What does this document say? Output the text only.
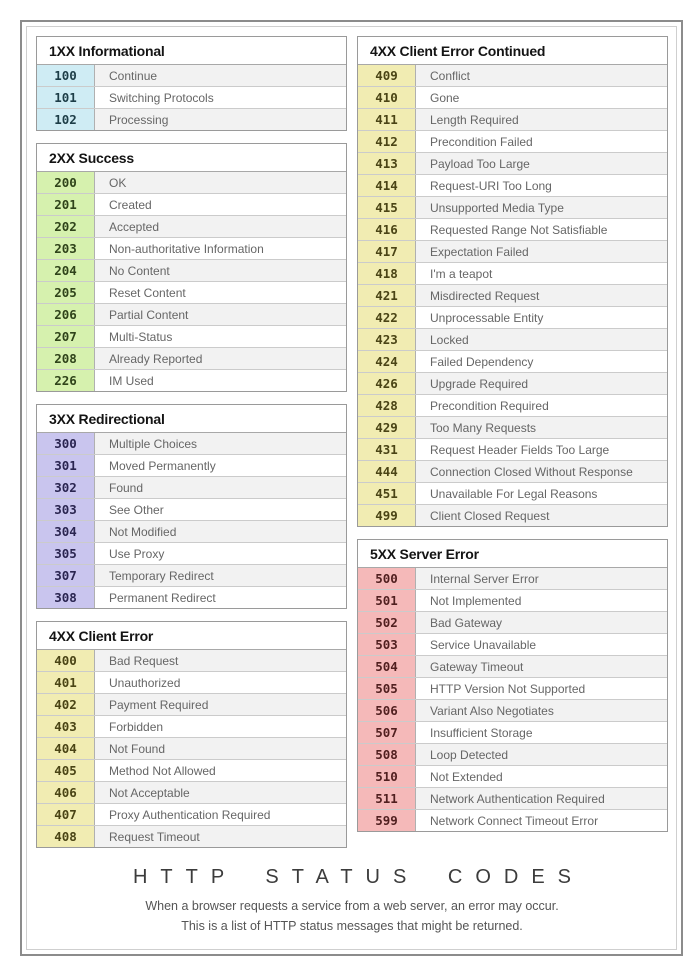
1XX Informational
100	Continue
101	Switching Protocols
102	Processing
2XX Success
200	OK
201	Created
202	Accepted
203	Non-authoritative Information
204	No Content
205	Reset Content
206	Partial Content
207	Multi-Status
208	Already Reported
226	IM Used
3XX Redirectional
300	Multiple Choices
301	Moved Permanently
302	Found
303	See Other
304	Not Modified
305	Use Proxy
307	Temporary Redirect
308	Permanent Redirect
4XX Client Error
400	Bad Request
401	Unauthorized
402	Payment Required
403	Forbidden
404	Not Found
405	Method Not Allowed
406	Not Acceptable
407	Proxy Authentication Required
408	Request Timeout
4XX Client Error Continued
409	Conflict
410	Gone
411	Length Required
412	Precondition Failed
413	Payload Too Large
414	Request-URI Too Long
415	Unsupported Media Type
416	Requested Range Not Satisfiable
417	Expectation Failed
418	I'm a teapot
421	Misdirected Request
422	Unprocessable Entity
423	Locked
424	Failed Dependency
426	Upgrade Required
428	Precondition Required
429	Too Many Requests
431	Request Header Fields Too Large
444	Connection Closed Without Response
451	Unavailable For Legal Reasons
499	Client Closed Request
5XX Server Error
500	Internal Server Error
501	Not Implemented
502	Bad Gateway
503	Service Unavailable
504	Gateway Timeout
505	HTTP Version Not Supported
506	Variant Also Negotiates
507	Insufficient Storage
508	Loop Detected
510	Not Extended
511	Network Authentication Required
599	Network Connect Timeout Error
HTTP STATUS CODES

When a browser requests a service from a web server, an error may occur.

This is a list of HTTP status messages that might be returned.
